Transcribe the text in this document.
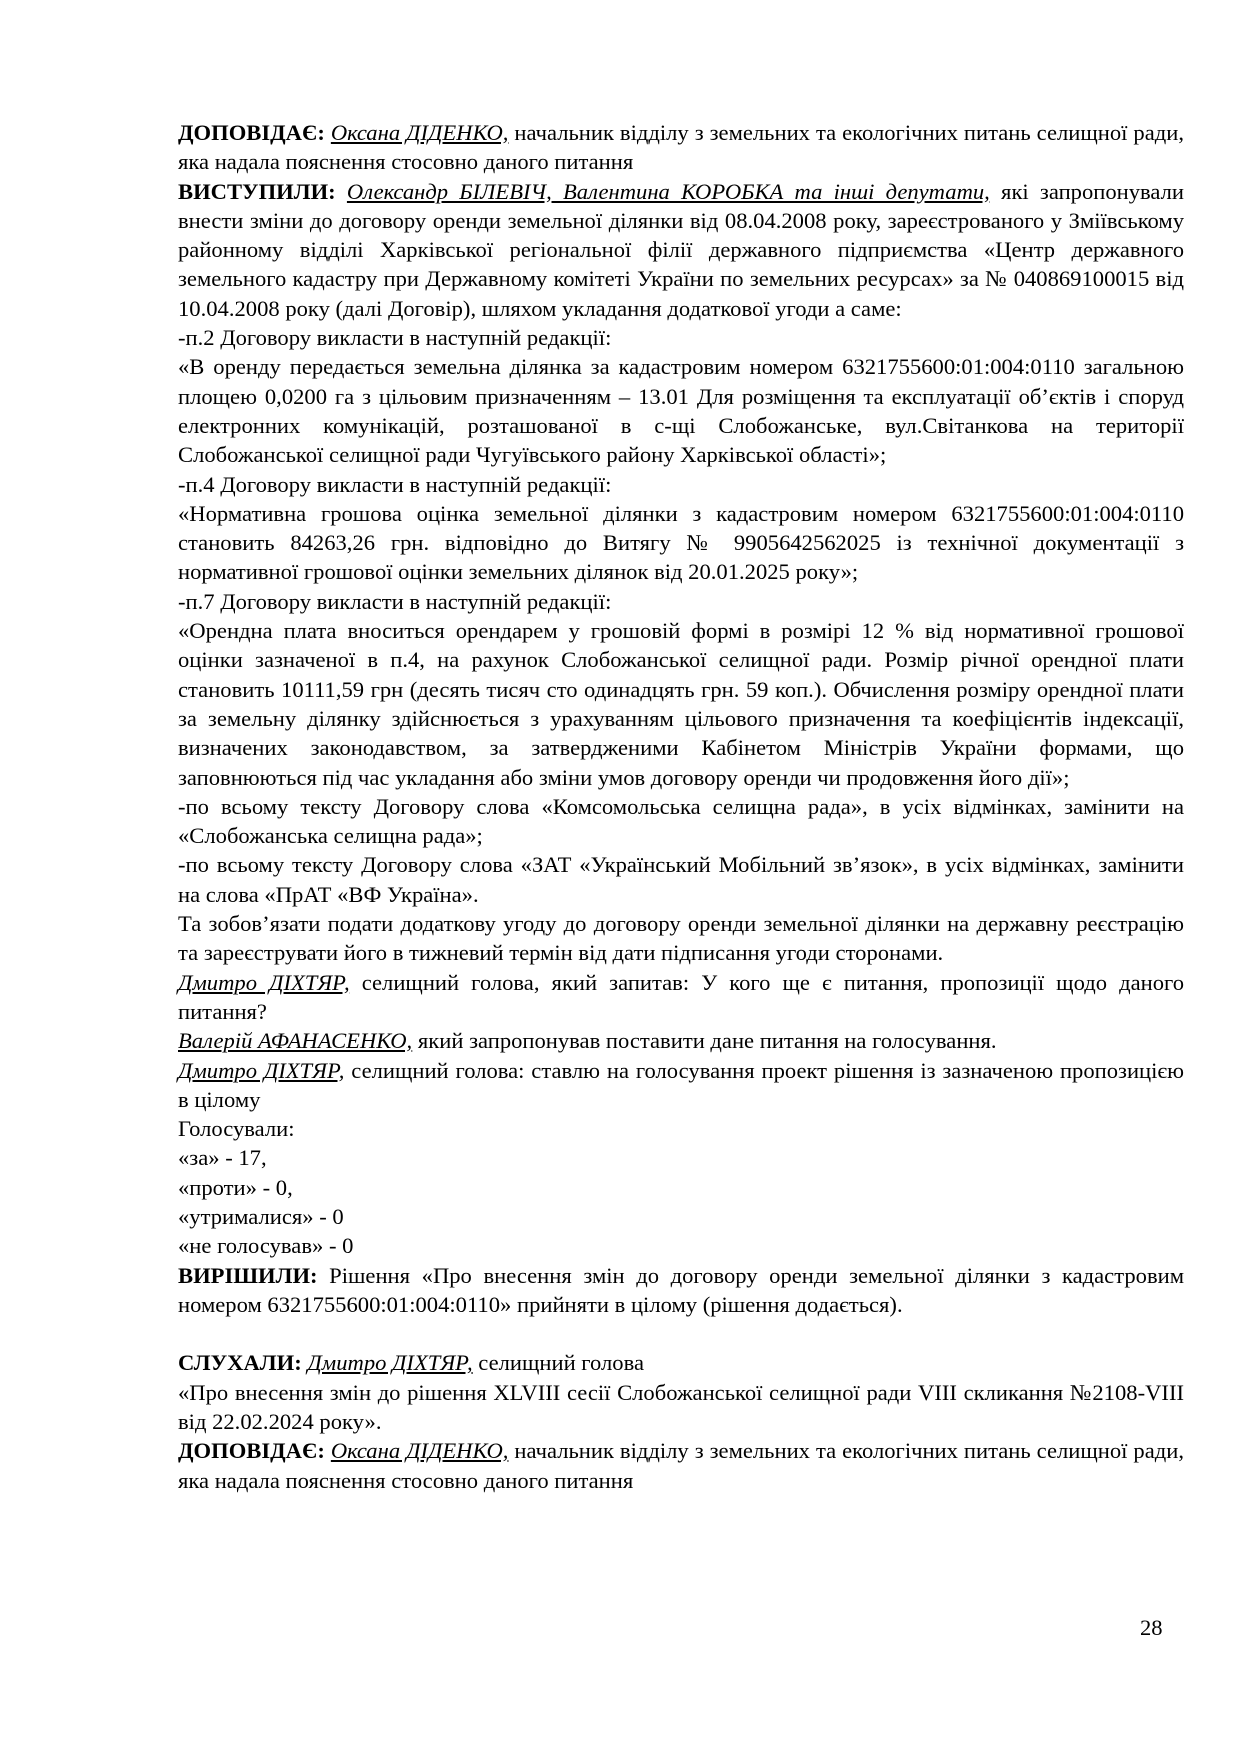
ДОПОВІДАЄ: Оксана ДІДЕНКО, начальник відділу з земельних та екологічних питань селищної ради, яка надала пояснення стосовно даного питання

ВИСТУПИЛИ: Олександр БІЛЕВІЧ, Валентина КОРОБКА та інші депутати, які запропонували внести зміни до договору оренди земельної ділянки від 08.04.2008 року, зареєстрованого у Зміївському районному відділі Харківської регіональної філії державного підприємства «Центр державного земельного кадастру при Державному комітеті України по земельних ресурсах» за № 040869100015 від 10.04.2008 року (далі Договір), шляхом укладання додаткової угоди а саме:

-п.2 Договору викласти в наступній редакції:

«В оренду передається земельна ділянка за кадастровим номером 6321755600:01:004:0110 загальною площею 0,0200 га з цільовим призначенням – 13.01 Для розміщення та експлуатації об’єктів і споруд електронних комунікацій, розташованої в с-щі Слобожанське, вул.Світанкова на території Слобожанської селищної ради Чугуївського району Харківської області»;

-п.4 Договору викласти в наступній редакції:

«Нормативна грошова оцінка земельної ділянки з кадастровим номером 6321755600:01:004:0110 становить 84263,26 грн. відповідно до Витягу № 9905642562025 із технічної документації з нормативної грошової оцінки земельних ділянок від 20.01.2025 року»;

-п.7 Договору викласти в наступній редакції:

«Орендна плата вноситься орендарем у грошовій формі в розмірі 12 % від нормативної грошової оцінки зазначеної в п.4, на рахунок Слобожанської селищної ради. Розмір річної орендної плати становить 10111,59 грн (десять тисяч сто одинадцять грн. 59 коп.). Обчислення розміру орендної плати за земельну ділянку здійснюється з урахуванням цільового призначення та коефіцієнтів індексації, визначених законодавством, за затвердженими Кабінетом Міністрів України формами, що заповнюються під час укладання або зміни умов договору оренди чи продовження його дії»;

-по всьому тексту Договору слова «Комсомольська селищна рада», в усіх відмінках, замінити на «Слобожанська селищна рада»;

-по всьому тексту Договору слова «ЗАТ «Український Мобільний зв’язок», в усіх відмінках, замінити на слова «ПрАТ «ВФ Україна».

Та зобов’язати подати додаткову угоду до договору оренди земельної ділянки на державну реєстрацію та зареєструвати його в тижневий термін від дати підписання угоди сторонами.

Дмитро ДІХТЯР, селищний голова, який запитав: У кого ще є питання, пропозиції щодо даного питання?

Валерій АФАНАСЕНКО, який запропонував поставити дане питання на голосування.

Дмитро ДІХТЯР, селищний голова: ставлю на голосування проект рішення із зазначеною пропозицією в цілому

Голосували:

«за» - 17,

«проти» - 0,

«утрималися» - 0

«не голосував» - 0

ВИРІШИЛИ: Рішення «Про внесення змін до договору оренди земельної ділянки з кадастровим номером 6321755600:01:004:0110» прийняти в цілому (рішення додається).

СЛУХАЛИ: Дмитро ДІХТЯР, селищний голова

«Про внесення змін до рішення XLVIII сесії Слобожанської селищної ради VIII скликання №2108-VIII від 22.02.2024 року».

ДОПОВІДАЄ: Оксана ДІДЕНКО, начальник відділу з земельних та екологічних питань селищної ради, яка надала пояснення стосовно даного питання

28
